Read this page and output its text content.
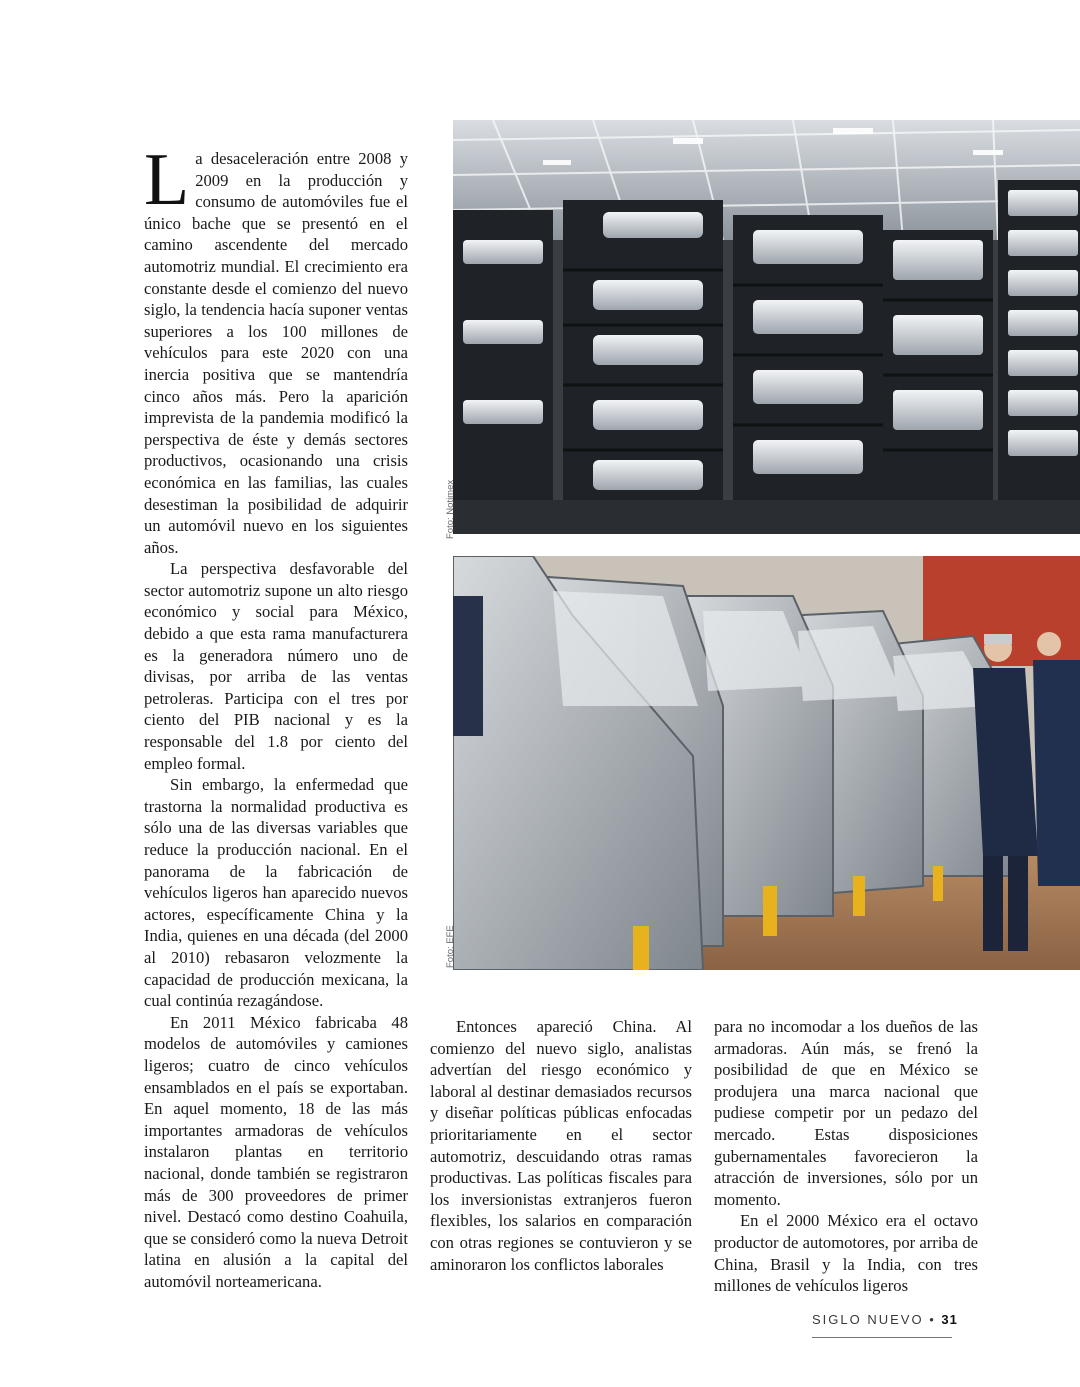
La desaceleración entre 2008 y 2009 en la producción y consumo de automóviles fue el único bache que se presentó en el camino ascendente del mercado automotriz mundial. El crecimiento era constante desde el comienzo del nuevo siglo, la tendencia hacía suponer ventas superiores a los 100 millones de vehículos para este 2020 con una inercia positiva que se mantendría cinco años más. Pero la aparición imprevista de la pandemia modificó la perspectiva de éste y demás sectores productivos, ocasionando una crisis económica en las familias, las cuales desestiman la posibilidad de adquirir un automóvil nuevo en los siguientes años.

La perspectiva desfavorable del sector automotriz supone un alto riesgo económico y social para México, debido a que esta rama manufacturera es la generadora número uno de divisas, por arriba de las ventas petroleras. Participa con el tres por ciento del PIB nacional y es la responsable del 1.8 por ciento del empleo formal.

Sin embargo, la enfermedad que trastorna la normalidad productiva es sólo una de las diversas variables que reduce la producción nacional. En el panorama de la fabricación de vehículos ligeros han aparecido nuevos actores, específicamente China y la India, quienes en una década (del 2000 al 2010) rebasaron velozmente la capacidad de producción mexicana, la cual continúa rezagándose.

En 2011 México fabricaba 48 modelos de automóviles y camiones ligeros; cuatro de cinco vehículos ensamblados en el país se exportaban. En aquel momento, 18 de las más importantes armadoras de vehículos instalaron plantas en territorio nacional, donde también se registraron más de 300 proveedores de primer nivel. Destacó como destino Coahuila, que se consideró como la nueva Detroit latina en alusión a la capital del automóvil norteamericana.

Foto: Notimex
Foto: EFE

Entonces apareció China. Al comienzo del nuevo siglo, analistas advertían del riesgo económico y laboral al destinar demasiados recursos y diseñar políticas públicas enfocadas prioritariamente en el sector automotriz, descuidando otras ramas productivas. Las políticas fiscales para los inversionistas extranjeros fueron flexibles, los salarios en comparación con otras regiones se contuvieron y se aminoraron los conflictos laborales

para no incomodar a los dueños de las armadoras. Aún más, se frenó la posibilidad de que en México se produjera una marca nacional que pudiese competir por un pedazo del mercado. Estas disposiciones gubernamentales favorecieron la atracción de inversiones, sólo por un momento.

En el 2000 México era el octavo productor de automotores, por arriba de China, Brasil y la India, con tres millones de vehículos ligeros

SIGLO NUEVO • 31
